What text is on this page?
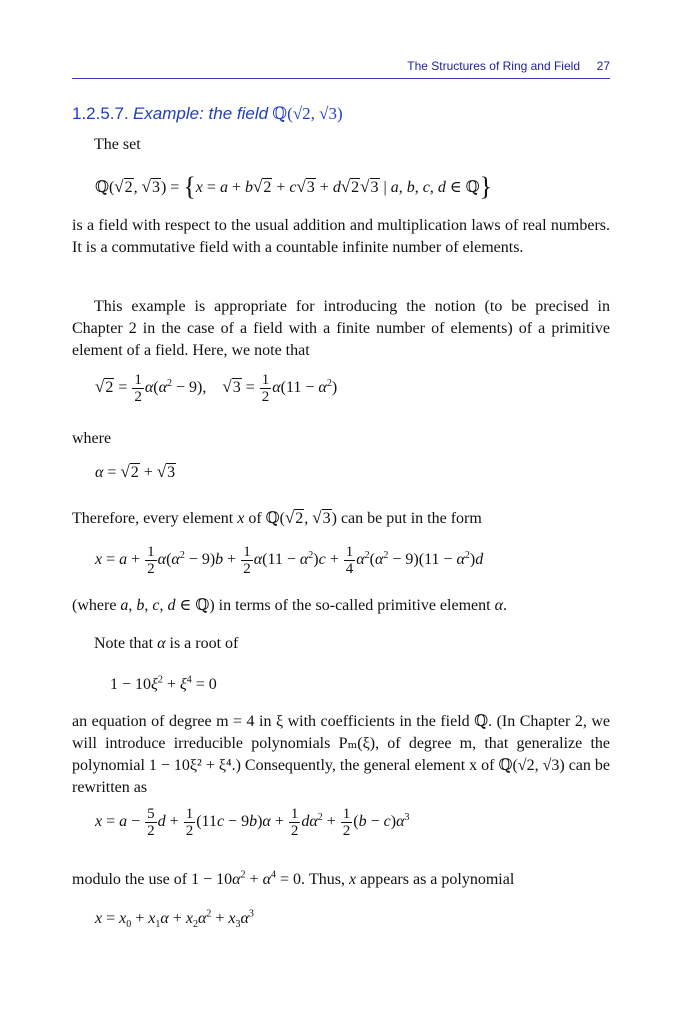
The Structures of Ring and Field 27
1.2.5.7. Example: the field ℚ(√2, √3)
The set
ℚ(√2, √3) = {x = a + b√2 + c√3 + d√2√3 | a, b, c, d ∈ ℚ}
is a field with respect to the usual addition and multiplication laws of real numbers. It is a commutative field with a countable infinite number of elements.
This example is appropriate for introducing the notion (to be precised in Chapter 2 in the case of a field with a finite number of elements) of a primitive element of a field. Here, we note that
$√2 = \frac{1}{2} \alpha(\alpha^2 - 9)$,    $√3 = \frac{1}{2} \alpha(11 - \alpha^2)$
where
α = √2 + √3
Therefore, every element x of ℚ(√2, √3) can be put in the form
$x = a + \frac{1}{2} \alpha(\alpha^2 - 9)b + \frac{1}{2} \alpha(11 - \alpha^2)c + \frac{1}{4} \alpha^2(\alpha^2 - 9)(11 - \alpha^2)d$
(where a, b, c, d ∈ ℚ) in terms of the so-called primitive element α.
Note that α is a root of
$1 - 10\xi^2 + \xi^4 = 0$
an equation of degree m = 4 in ξ with coefficients in the field ℚ. (In Chapter 2, we will introduce irreducible polynomials Pₘ(ξ), of degree m, that generalize the polynomial 1 − 10ξ² + ξ⁴.) Consequently, the general element x of ℚ(√2, √3) can be rewritten as
$x = a - \frac{5}{2}$ $d + \frac{1}{2} (11c - 9b)\alpha + \frac{1}{2} d\alpha^2 + \frac{1}{2} (b - c)\alpha^3$
modulo the use of $1 - 10\alpha^2 + \alpha^4 = 0$. Thus, x appears as a polynomial
$x = x_0 + x_1\alpha + x_2\alpha^2 + x_3\alpha^3$
